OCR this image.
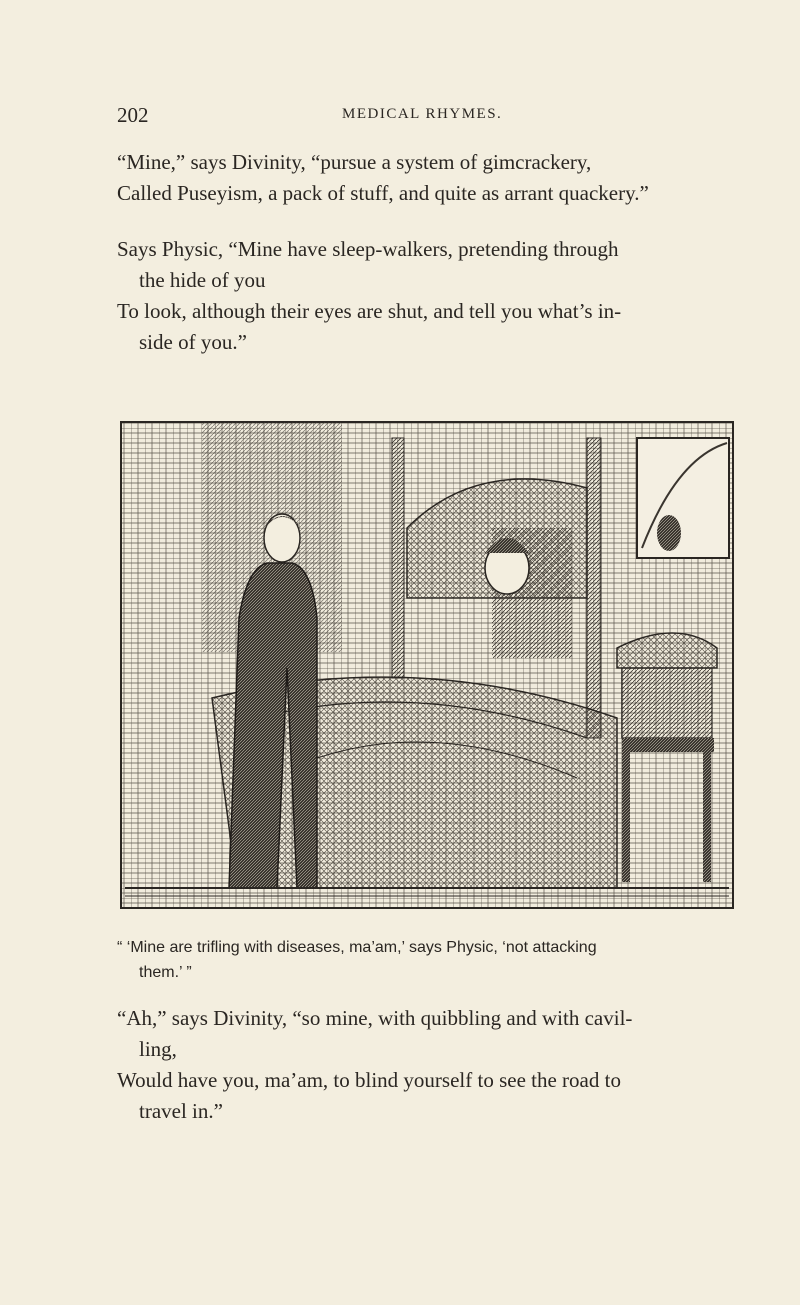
202	MEDICAL RHYMES.

“Mine,” says Divinity, “pursue a system of gimcrackery,

Called Puseyism, a pack of stuff, and quite as arrant quackery.”

Says Physic, “Mine have sleep-walkers, pretending through

the hide of you

To look, although their eyes are shut, and tell you what’s in-

side of you.”

“ ‘Mine are trifling with diseases, ma’am,’ says Physic, ‘not attacking

them.’ ”

“Ah,” says Divinity, “so mine, with quibbling and with cavil-

ling,

Would have you, ma’am, to blind yourself to see the road to

travel in.”
